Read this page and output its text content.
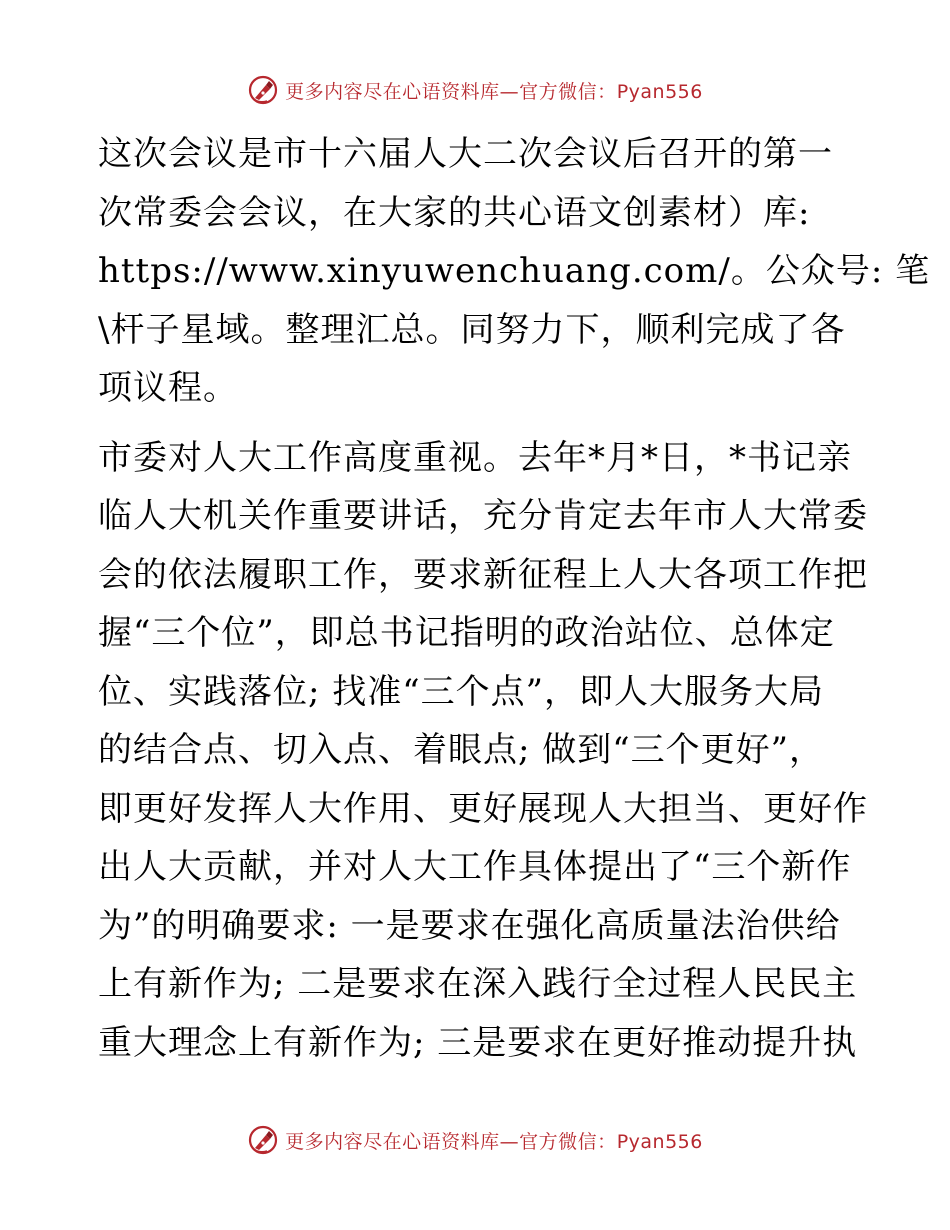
更多内容尽在心语资料库—官方微信：Pyan556
这次会议是市十六届人大二次会议后召开的第一
次常委会会议，在大家的共心语文创素材）库:
https://www.xinyuwenchuang.com/。公众号: 笔
\杆子星域。整理汇总。同努力下，顺利完成了各
项议程。
市委对人大工作高度重视。去年*月*日，*书记亲
临人大机关作重要讲话，充分肯定去年市人大常委
会的依法履职工作，要求新征程上人大各项工作把
握“三个位”，即总书记指明的政治站位、总体定
位、实践落位; 找准“三个点”，即人大服务大局
的结合点、切入点、着眼点; 做到“三个更好”，
即更好发挥人大作用、更好展现人大担当、更好作
出人大贡献，并对人大工作具体提出了“三个新作
为”的明确要求: 一是要求在强化高质量法治供给
上有新作为; 二是要求在深入践行全过程人民民主
重大理念上有新作为; 三是要求在更好推动提升执
更多内容尽在心语资料库—官方微信：Pyan556
